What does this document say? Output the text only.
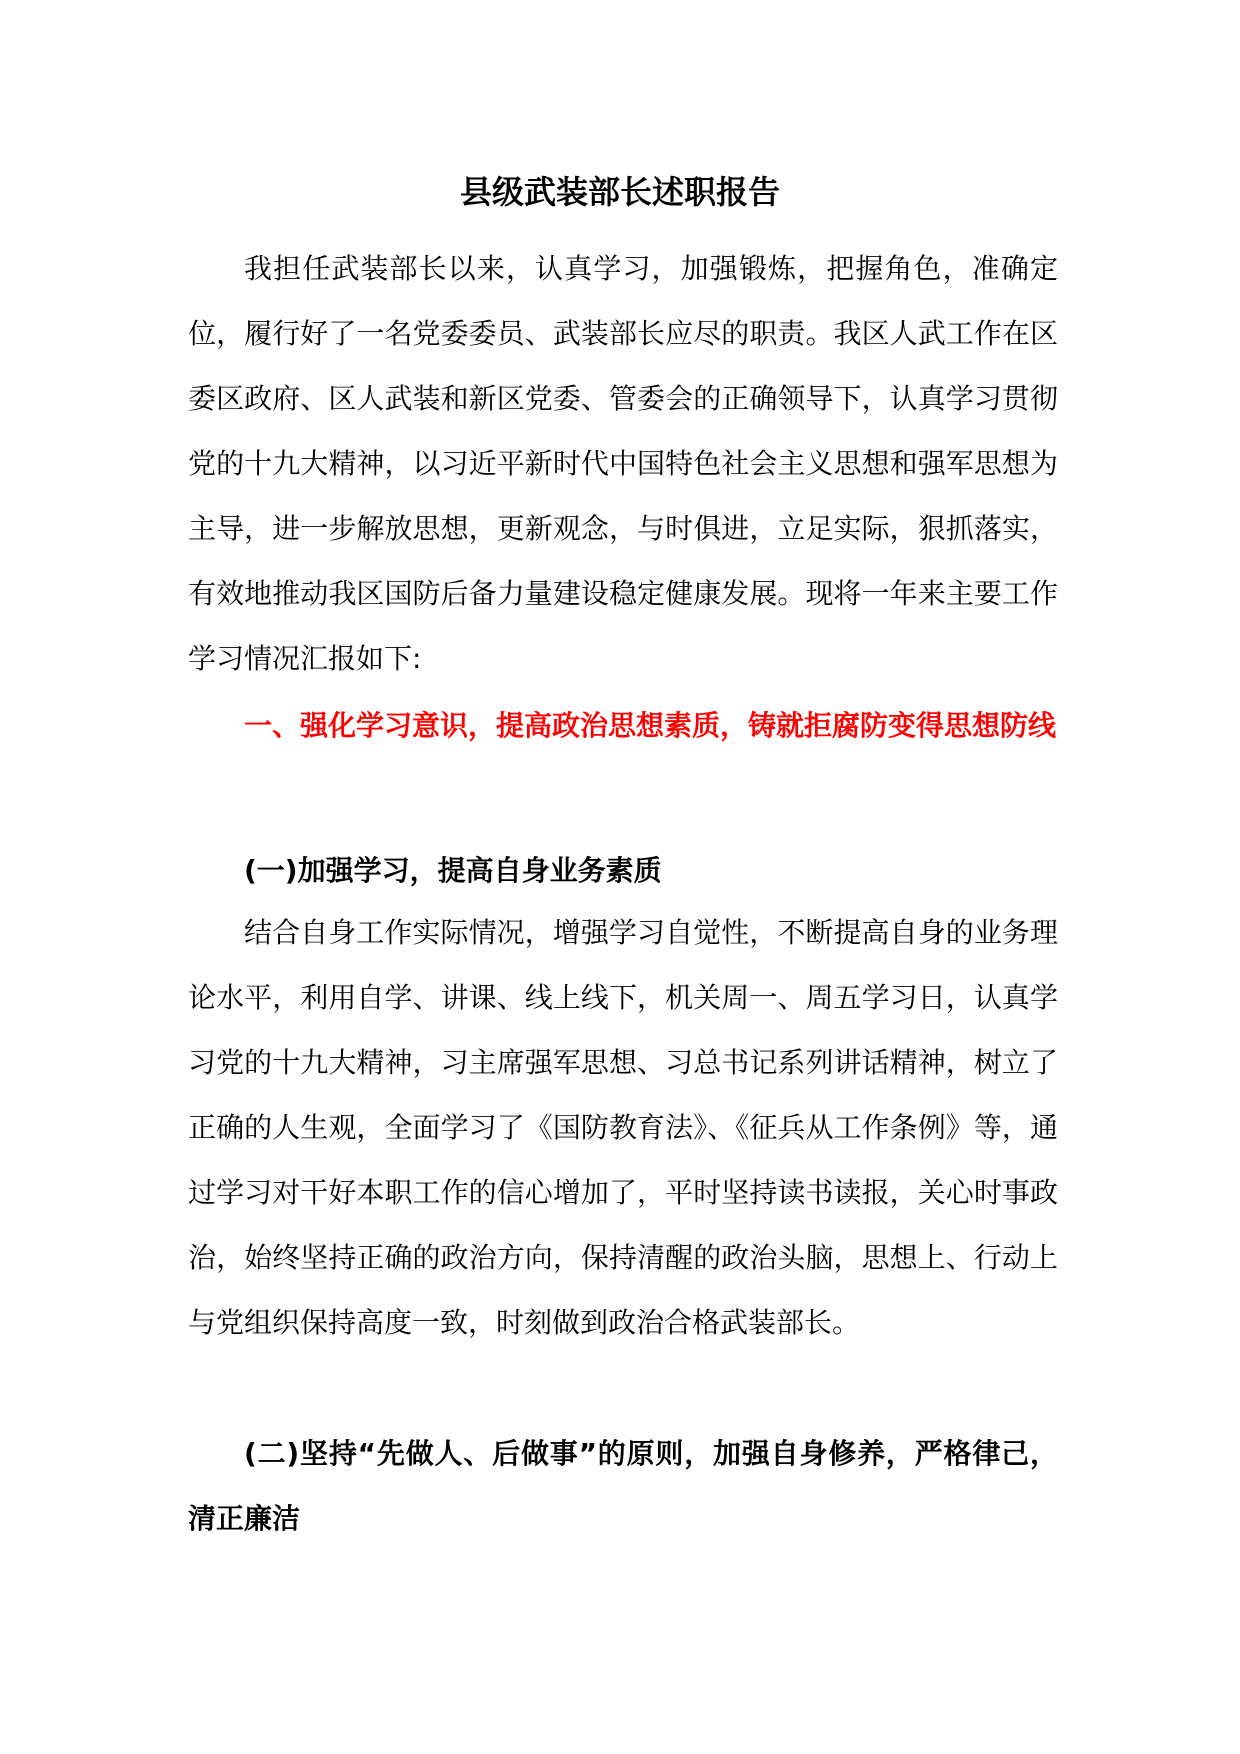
县级武装部长述职报告

我担任武装部长以来，认真学习，加强锻炼，把握角色，准确定位，履行好了一名党委委员、武装部长应尽的职责。我区人武工作在区委区政府、区人武装和新区党委、管委会的正确领导下，认真学习贯彻党的十九大精神，以习近平新时代中国特色社会主义思想和强军思想为主导，进一步解放思想，更新观念，与时俱进，立足实际，狠抓落实，有效地推动我区国防后备力量建设稳定健康发展。现将一年来主要工作学习情况汇报如下:

一、强化学习意识，提高政治思想素质，铸就拒腐防变得思想防线

(一)加强学习，提高自身业务素质

结合自身工作实际情况，增强学习自觉性，不断提高自身的业务理论水平，利用自学、讲课、线上线下，机关周一、周五学习日，认真学习党的十九大精神，习主席强军思想、习总书记系列讲话精神，树立了正确的人生观，全面学习了《国防教育法》、《征兵从工作条例》等，通过学习对干好本职工作的信心增加了，平时坚持读书读报，关心时事政治，始终坚持正确的政治方向，保持清醒的政治头脑，思想上、行动上与党组织保持高度一致，时刻做到政治合格武装部长。

(二)坚持“先做人、后做事”的原则，加强自身修养，严格律己，清正廉洁
